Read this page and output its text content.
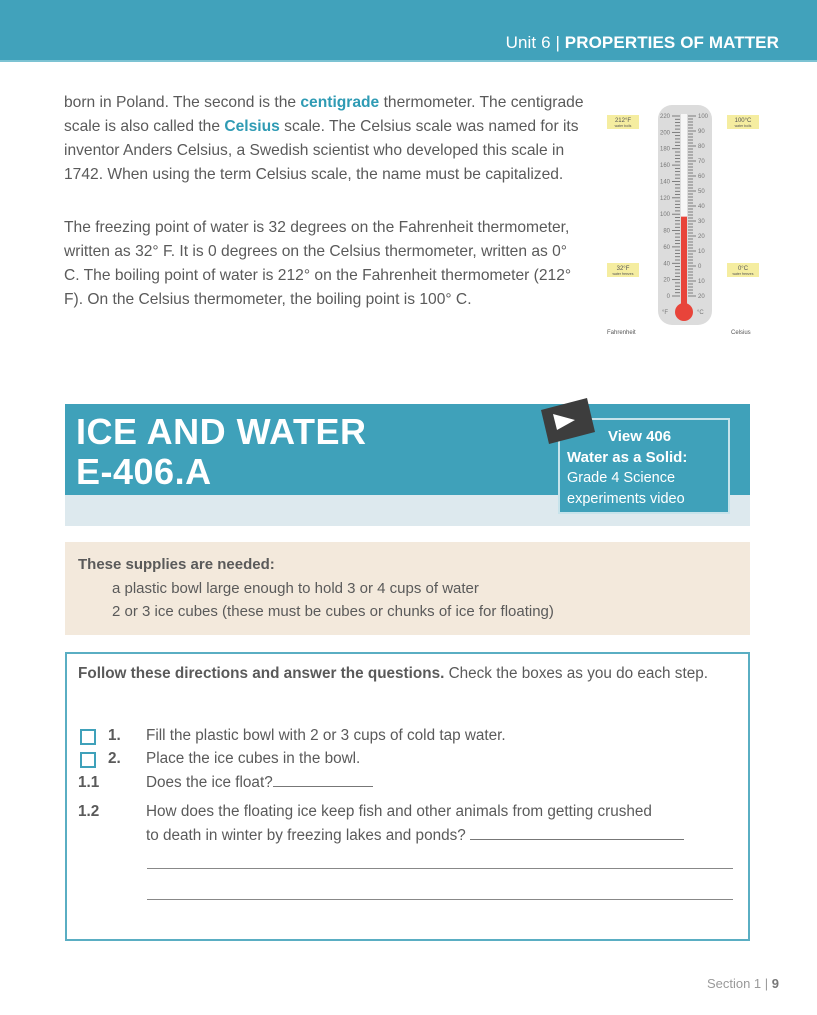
Unit 6 | PROPERTIES OF MATTER

born in Poland. The second is the centigrade thermometer. The centigrade scale is also called the Celsius scale. The Celsius scale was named for its inventor Anders Celsius, a Swedish scientist who developed this scale in 1742. When using the term Celsius scale, the name must be capitalized.

The freezing point of water is 32 degrees on the Fahrenheit thermometer, written as 32° F. It is 0 degrees on the Celsius thermometer, written as 0° C. The boiling point of water is 212° on the Fahrenheit thermometer (212° F). On the Celsius thermometer, the boiling point is 100° C.

220
200
180
160
140
120
100
80
60
40
20
0
100
90
80
70
60
50
40
30
20
10
0
10
20
°F	°C
212°F
water boils
100°C
water boils
32°F
water freezes
0°C
water freezes
Fahrenheit	Celsius
ICE AND WATER
E-406.A
View 406
Water as a Solid:
Grade 4 Science
experiments video
These supplies are needed:
a plastic bowl large enough to hold 3 or 4 cups of water
2 or 3 ice cubes (these must be cubes or chunks of ice for floating)
Follow these directions and answer the questions. Check the boxes as you do each step.
1. Fill the plastic bowl with 2 or 3 cups of cold tap water.
2. Place the ice cubes in the bowl.
1.1	Does the ice float?
1.2	How does the floating ice keep fish and other animals from getting crushed
to death in winter by freezing lakes and ponds?
Section 1 | 9
